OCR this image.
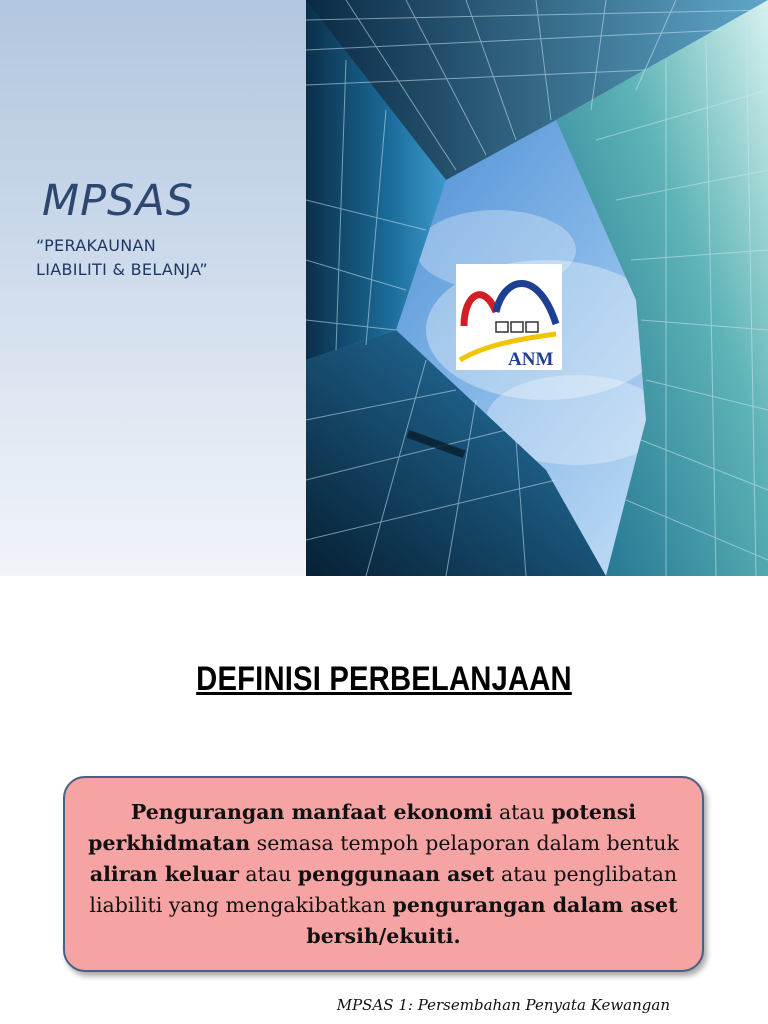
MPSAS
“PERAKAUNAN
LIABILITI & BELANJA”
ANM
DEFINISI PERBELANJAAN

Pengurangan manfaat ekonomi atau potensi perkhidmatan semasa tempoh pelaporan dalam bentuk aliran keluar atau penggunaan aset atau penglibatan liabiliti yang mengakibatkan pengurangan dalam aset bersih/ekuiti.

MPSAS 1: Persembahan Penyata Kewangan
